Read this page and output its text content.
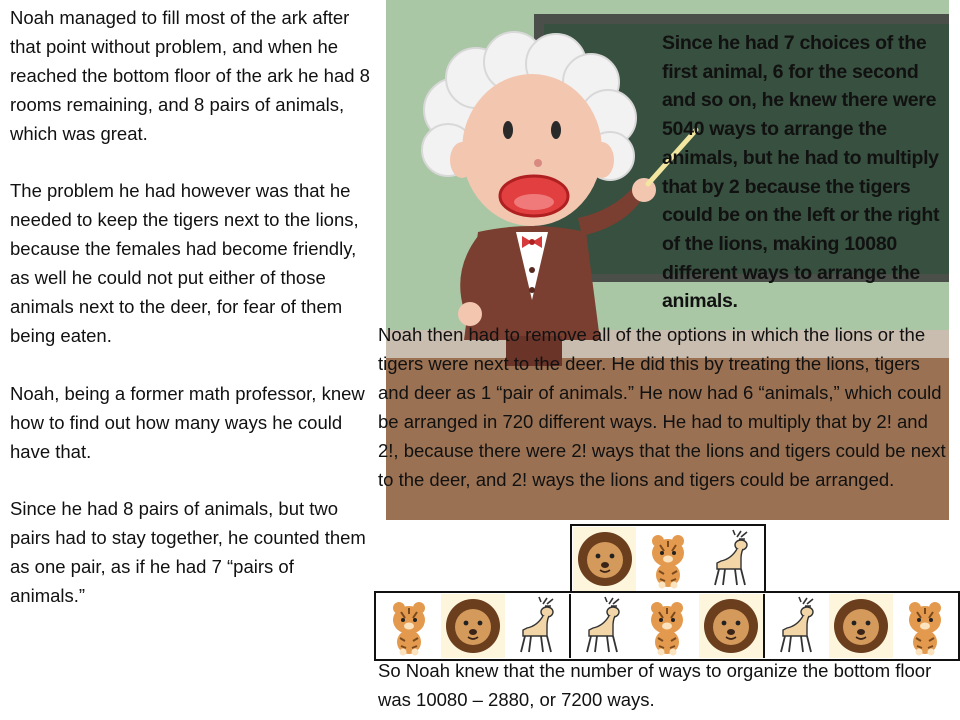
Noah managed to fill most of the ark after that point without problem, and when he reached the bottom floor of the ark he had 8 rooms remaining, and 8 pairs of animals, which was great.

The problem he had however was that he needed to keep the tigers next to the lions, because the females had become friendly, as well he could not put either of those animals next to the deer, for fear of them being eaten.

Noah, being a former math professor, knew how to find out how many ways he could have that.

Since he had 8 pairs of animals, but two pairs had to stay together, he counted them as one pair, as if he had 7 “pairs of animals.”

Since he had 7 choices of the first animal, 6 for the second and so on, he knew there were 5040 ways to arrange the animals, but he had to multiply that by 2 because the tigers could be on the left or the right of the lions, making 10080 different ways to arrange the animals.
Noah then had to remove all of the options in which the lions or the tigers were next to the deer. He did this by treating the lions, tigers and deer as 1 “pair of animals.” He now had 6 “animals,” which could be arranged in 720 different ways. He had to multiply that by 2! and 2!, because there were 2! ways that the lions and tigers could be next to the deer, and 2! ways the lions and tigers could be arranged.
So Noah knew that the number of ways to organize the bottom floor was 10080 – 2880, or 7200 ways.
